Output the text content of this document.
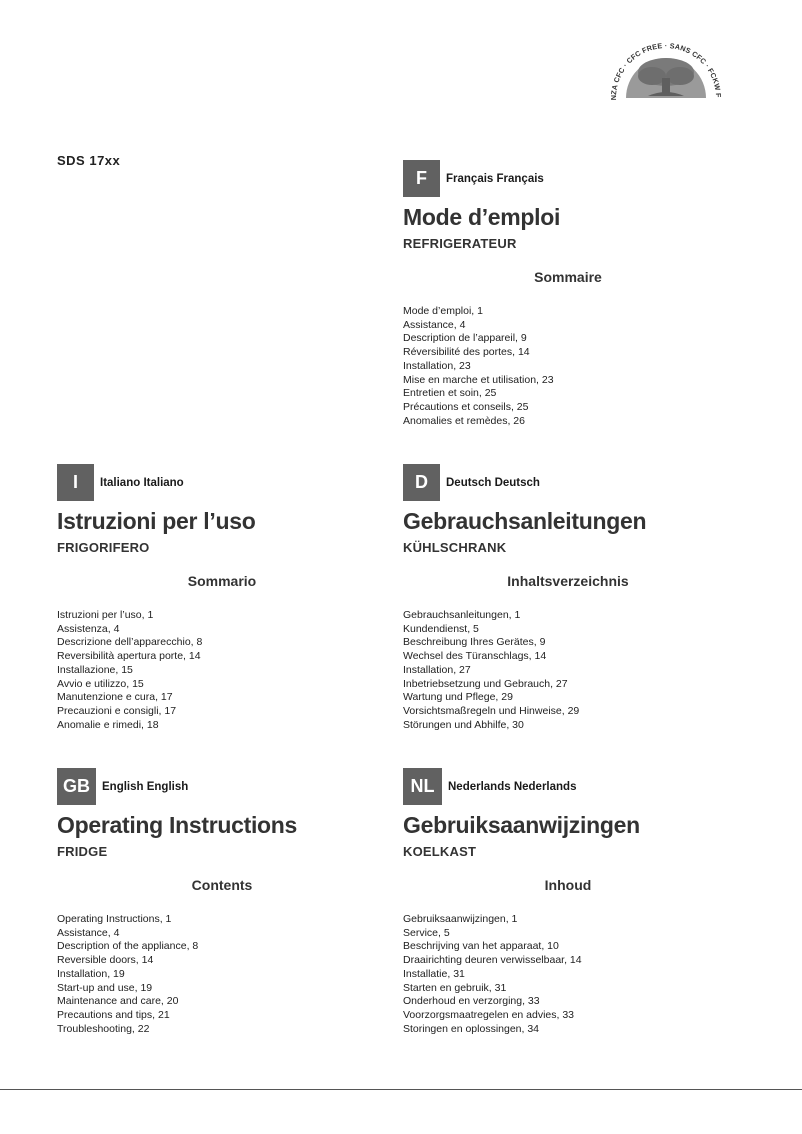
NZA CFC · CFC FREE · SANS CFC · FCKW F
SDS 17xx
F	Français Français
Mode d’emploi
REFRIGERATEUR
Sommaire
Mode d’emploi, 1
Assistance, 4
Description de l’appareil, 9
Réversibilité des portes, 14
Installation, 23
Mise en marche et utilisation, 23
Entretien et soin, 25
Précautions et conseils, 25
Anomalies et remèdes, 26
I	Italiano Italiano
Istruzioni per l’uso
FRIGORIFERO
Sommario
Istruzioni per l’uso, 1
Assistenza, 4
Descrizione dell’apparecchio, 8
Reversibilità apertura porte, 14
Installazione, 15
Avvio e utilizzo, 15
Manutenzione e cura, 17
Precauzioni e consigli, 17
Anomalie e rimedi, 18
D	Deutsch Deutsch
Gebrauchsanleitungen
KÜHLSCHRANK
Inhaltsverzeichnis
Gebrauchsanleitungen, 1
Kundendienst, 5
Beschreibung Ihres Gerätes, 9
Wechsel des Türanschlags, 14
Installation, 27
Inbetriebsetzung und Gebrauch, 27
Wartung und Pflege, 29
Vorsichtsmaßregeln und Hinweise, 29
Störungen und Abhilfe, 30
GB	English English
Operating Instructions
FRIDGE
Contents
Operating Instructions, 1
Assistance, 4
Description of the appliance, 8
Reversible doors, 14
Installation, 19
Start-up and use, 19
Maintenance and care, 20
Precautions and tips, 21
Troubleshooting, 22
NL	Nederlands Nederlands
Gebruiksaanwijzingen
KOELKAST
Inhoud
Gebruiksaanwijzingen, 1
Service, 5
Beschrijving van het apparaat, 10
Draairichting deuren verwisselbaar, 14
Installatie, 31
Starten en gebruik, 31
Onderhoud en verzorging, 33
Voorzorgsmaatregelen en advies, 33
Storingen en oplossingen, 34
